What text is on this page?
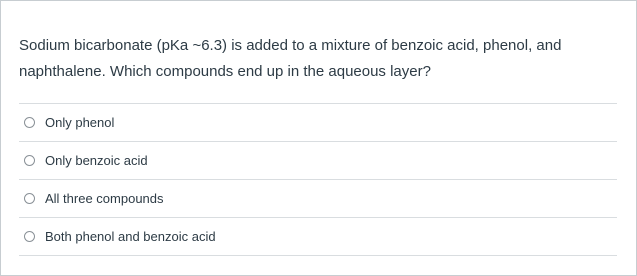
Sodium bicarbonate (pKa ~6.3) is added to a mixture of benzoic acid, phenol, and naphthalene. Which compounds end up in the aqueous layer?
Only phenol
Only benzoic acid
All three compounds
Both phenol and benzoic acid
